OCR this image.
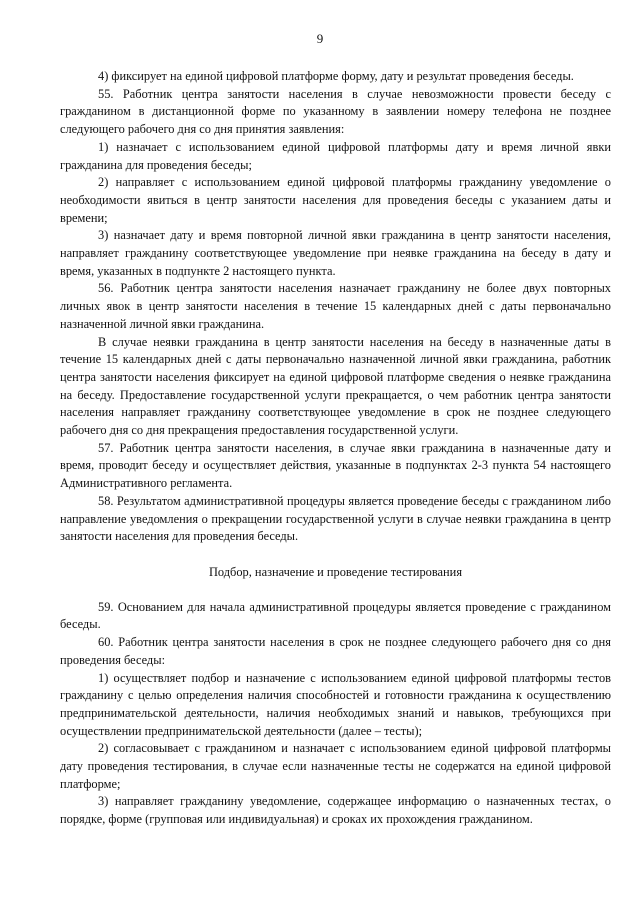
9

4) фиксирует на единой цифровой платформе форму, дату и результат проведения беседы.

55. Работник центра занятости населения в случае невозможности провести беседу с гражданином в дистанционной форме по указанному в заявлении номеру телефона не позднее следующего рабочего дня со дня принятия заявления:

1) назначает с использованием единой цифровой платформы дату и время личной явки гражданина для проведения беседы;

2) направляет с использованием единой цифровой платформы гражданину уведомление о необходимости явиться в центр занятости населения для проведения беседы с указанием даты и времени;

3) назначает дату и время повторной личной явки гражданина в центр занятости населения, направляет гражданину соответствующее уведомление при неявке гражданина на беседу в дату и время, указанных в подпункте 2 настоящего пункта.

56. Работник центра занятости населения назначает гражданину не более двух повторных личных явок в центр занятости населения в течение 15 календарных дней с даты первоначально назначенной личной явки гражданина.

В случае неявки гражданина в центр занятости населения на беседу в назначенные даты в течение 15 календарных дней с даты первоначально назначенной личной явки гражданина, работник центра занятости населения фиксирует на единой цифровой платформе сведения о неявке гражданина на беседу. Предоставление государственной услуги прекращается, о чем работник центра занятости населения направляет гражданину соответствующее уведомление в срок не позднее следующего рабочего дня со дня прекращения предоставления государственной услуги.

57. Работник центра занятости населения, в случае явки гражданина в назначенные дату и время, проводит беседу и осуществляет действия, указанные в подпунктах 2-3 пункта 54 настоящего Административного регламента.

58. Результатом административной процедуры является проведение беседы с гражданином либо направление уведомления о прекращении государственной услуги в случае неявки гражданина в центр занятости населения для проведения беседы.

Подбор, назначение и проведение тестирования

59. Основанием для начала административной процедуры является проведение с гражданином беседы.

60. Работник центра занятости населения в срок не позднее следующего рабочего дня со дня проведения беседы:

1) осуществляет подбор и назначение с использованием единой цифровой платформы тестов гражданину с целью определения наличия способностей и готовности гражданина к осуществлению предпринимательской деятельности, наличия необходимых знаний и навыков, требующихся при осуществлении предпринимательской деятельности (далее – тесты);

2) согласовывает с гражданином и назначает с использованием единой цифровой платформы дату проведения тестирования, в случае если назначенные тесты не содержатся на единой цифровой платформе;

3) направляет гражданину уведомление, содержащее информацию о назначенных тестах, о порядке, форме (групповая или индивидуальная) и сроках их прохождения гражданином.
